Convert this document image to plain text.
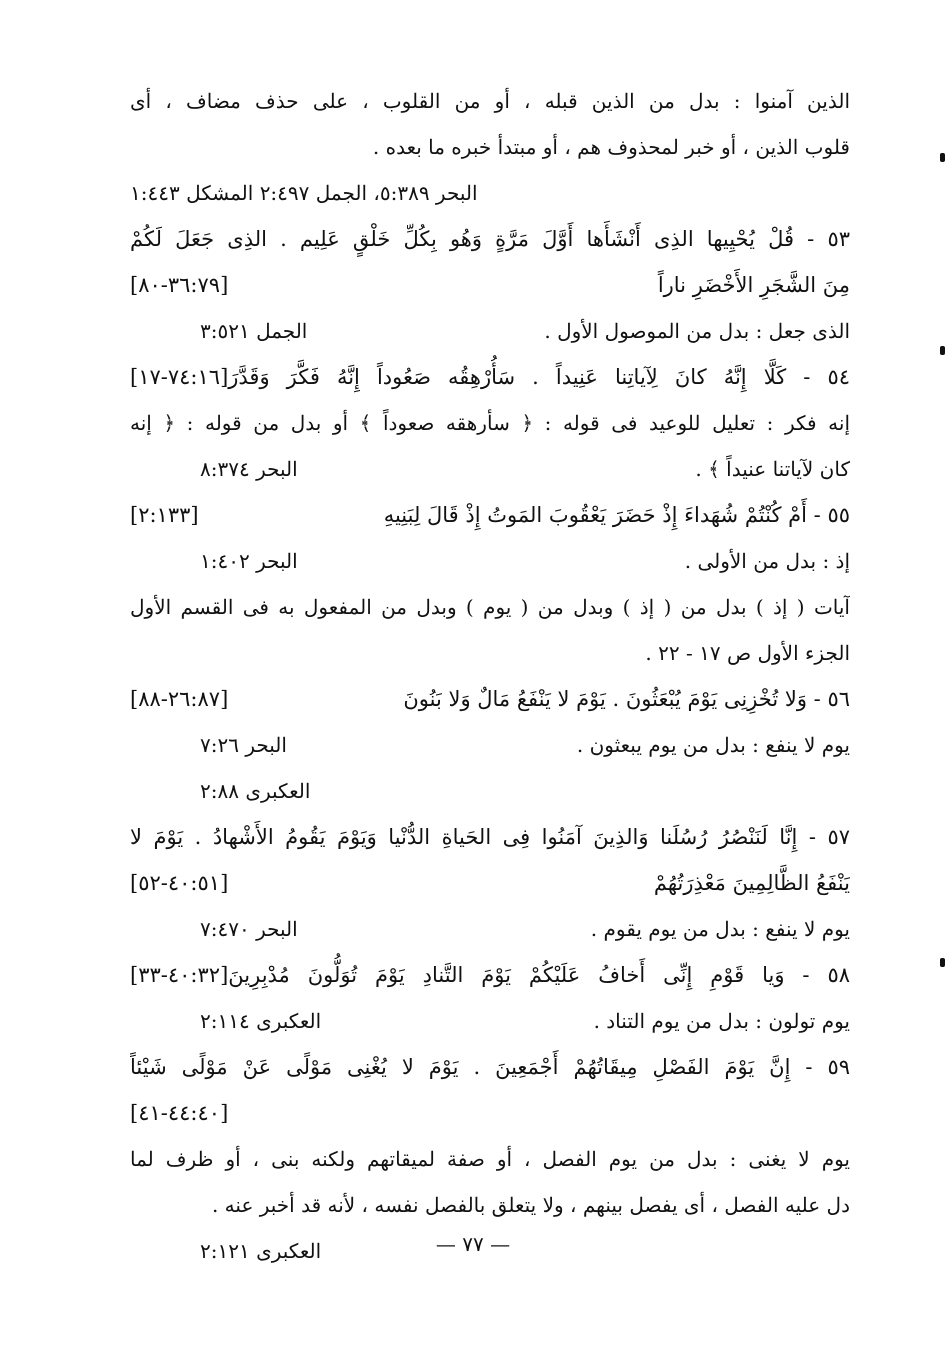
الذين آمنوا : بدل من الذين قبله ، أو من القلوب ، على حذف مضاف ، أى
قلوب الذين ، أو خبر لمحذوف هم ، أو مبتدأ خبره ما بعده .
البحر ٥:٣٨٩، الجمل ٢:٤٩٧ المشكل ١:٤٤٣
٥٣ - قُلْ يُحْيِيها الذِى أَنْشَأَها أَوَّلَ مَرَّةٍ وَهُو بِكُلِّ خَلْقٍ عَلِيم . الذِى جَعَلَ لَكُمْ
مِنَ الشَّجَرِ الأَخْضَرِ ناراً
[٣٦:٧٩-٨٠]
الذى جعل : بدل من الموصول الأول .
الجمل ٣:٥٢١
٥٤ - كَلَّا إِنَّهُ كانَ لِآياتِنا عَنِيداً . سَأُرْهِقُه صَعُوداً إِنَّهُ فَكَّرَ وَقَدَّرَ[٧٤:١٦-١٧]
إنه فكر : تعليل للوعيد فى قوله : ﴿ سأرهقه صعوداً ﴾ أو بدل من قوله : ﴿ إنه
كان لآياتنا عنيداً ﴾ .
البحر ٨:٣٧٤
٥٥ - أَمْ كُنْتُمْ شُهَداءَ إِذْ حَضَرَ يَعْقُوبَ المَوتُ إِذْ قَالَ لِبَنِيهِ
[٢:١٣٣]
إذ : بدل من الأولى .
البحر ١:٤٠٢
آيات ( إذ ) بدل من ( إذ ) وبدل من ( يوم ) وبدل من المفعول به فى القسم الأول
الجزء الأول ص ١٧ - ٢٢ .
٥٦ - وَلا تُخْزِنِى يَوْمَ يُبْعَثُونَ . يَوْمَ لا يَنْفَعُ مَالٌ وَلا بَنُونَ
[٢٦:٨٧-٨٨]
يوم لا ينفع : بدل من يوم يبعثون .
البحر ٧:٢٦
العكبرى ٢:٨٨
٥٧ - إِنَّا لَنَنْصُرُ رُسُلَنا وَالذِينَ آمَنُوا فِى الحَياةِ الدُّنْيا وَيَوْمَ يَقُومُ الأَشْهادُ . يَوْمَ لا
يَنْفَعُ الظَّالِمِينَ مَعْذِرَتُهُمْ
[٤٠:٥١-٥٢]
يوم لا ينفع : بدل من يوم يقوم .
البحر ٧:٤٧٠
٥٨ - وَيا قَوْمِ إِنِّى أَخافُ عَلَيْكُمْ يَوْمَ التَّنادِ يَوْمَ تُوَلُّونَ مُدْبِرِينَ[٤٠:٣٢-٣٣]
يوم تولون : بدل من يوم التناد .
العكبرى ٢:١١٤
٥٩ - إِنَّ يَوْمَ الفَصْلِ مِيقَاتُهُمْ أَجْمَعِينَ . يَوْمَ لا يُغْنِى مَوْلًى عَنْ مَوْلًى شَيْئاً
[٤٤:٤٠-٤١]
يوم لا يغنى : بدل من يوم الفصل ، أو صفة لميقاتهم ولكنه بنى ، أو ظرف لما
دل عليه الفصل ، أى يفصل بينهم ، ولا يتعلق بالفصل نفسه ، لأنه قد أخبر عنه .
العكبرى ٢:١٢١	— ٧٧ —
